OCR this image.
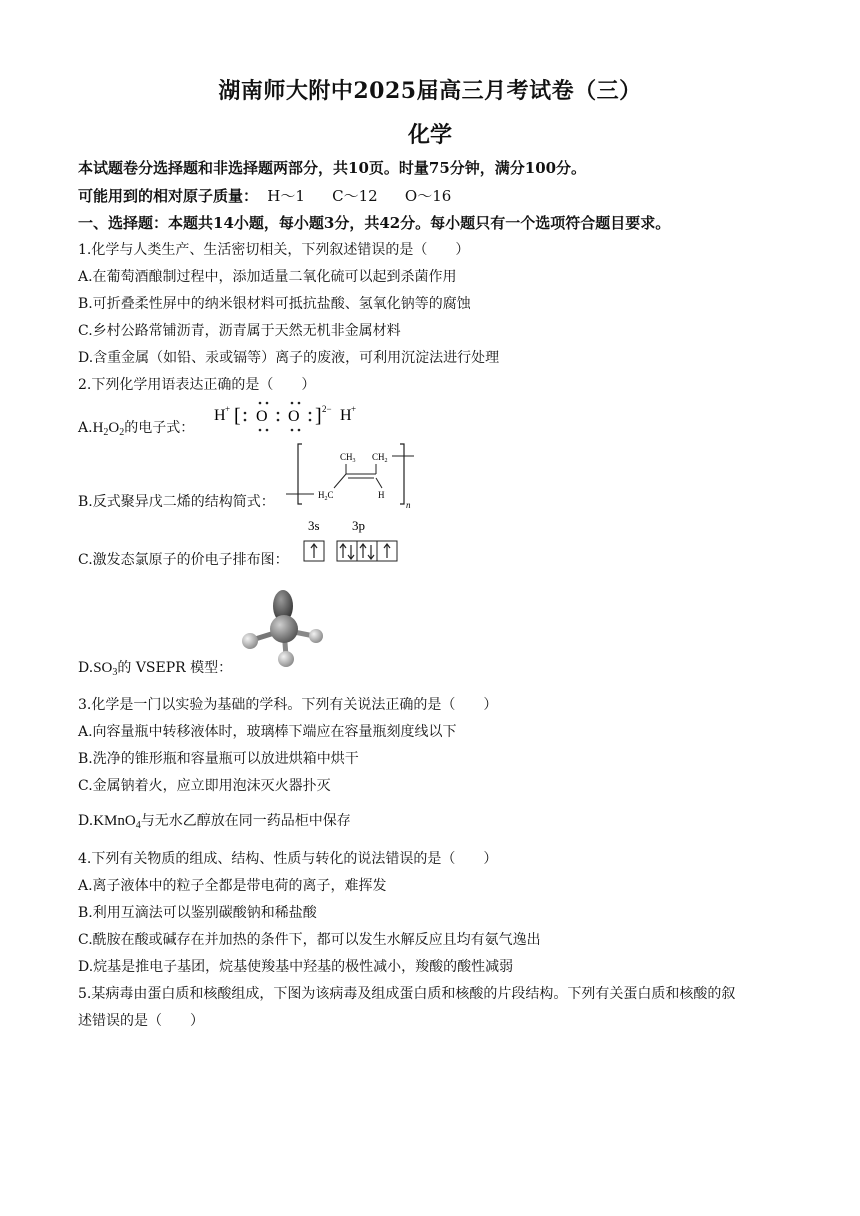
湖南师大附中2025届高三月考试卷（三）
化学
本试题卷分选择题和非选择题两部分，共10页。时量75分钟，满分100分。
可能用到的相对原子质量： H～1 C～12 O～16
一、选择题：本题共14小题，每小题3分，共42分。每小题只有一个选项符合题目要求。
1.化学与人类生产、生活密切相关，下列叙述错误的是（　　）
A.在葡萄酒酿制过程中，添加适量二氧化硫可以起到杀菌作用
B.可折叠柔性屏中的纳米银材料可抵抗盐酸、氢氧化钠等的腐蚀
C.乡村公路常铺沥青，沥青属于天然无机非金属材料
D.含重金属（如铅、汞或镉等）离子的废液，可利用沉淀法进行处理
2.下列化学用语表达正确的是（　　）
$A.H_2O_2$的电子式：
H + [ O O ] 2− H +
B.反式聚异戊二烯的结构简式：	$H_2C$
$CH_3$ $CH_2$
H
n
C.激发态氯原子的价电子排布图：
3s 3p
$D.SO_3$的 VSEPR 模型：
3.化学是一门以实验为基础的学科。下列有关说法正确的是（　　）
A.向容量瓶中转移液体时，玻璃棒下端应在容量瓶刻度线以下
B.洗净的锥形瓶和容量瓶可以放进烘箱中烘干
C.金属钠着火，应立即用泡沫灭火器扑灭
D.KMnO$_4$与无水乙醇放在同一药品柜中保存
4.下列有关物质的组成、结构、性质与转化的说法错误的是（　　）
A.离子液体中的粒子全都是带电荷的离子，难挥发
B.利用互滴法可以鉴别碳酸钠和稀盐酸
C.酰胺在酸或碱存在并加热的条件下，都可以发生水解反应且均有氨气逸出
D.烷基是推电子基团，烷基使羧基中羟基的极性减小，羧酸的酸性减弱
5.某病毒由蛋白质和核酸组成，下图为该病毒及组成蛋白质和核酸的片段结构。下列有关蛋白质和核酸的叙
述错误的是（　　）
